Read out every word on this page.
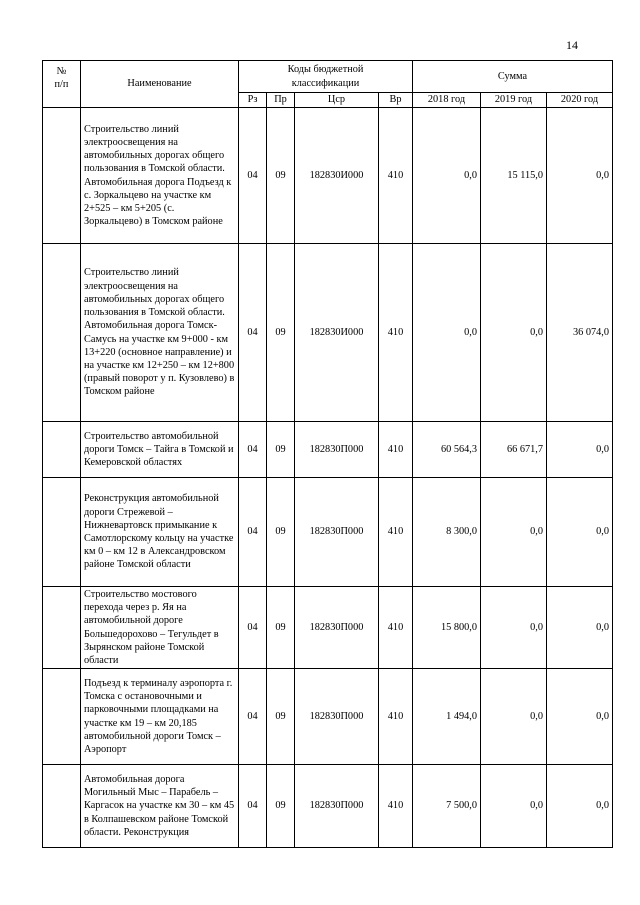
14
№
п/п	Наименование	Коды бюджетной классификации				Сумма		
		Рз	Пр	Цср	Вр	2018 год	2019 год	2020 год
	Строительство линий электроосвещения на автомобильных дорогах общего пользования в Томской области. Автомобильная дорога Подъезд к с. Зоркальцево на участке км 2+525 – км 5+205 (с. Зоркальцево) в Томском районе	04	09	182830И000	410	0,0	15 115,0	0,0
	Строительство линий электроосвещения на автомобильных дорогах общего пользования в Томской области. Автомобильная дорога Томск-Самусь на участке км 9+000 - км 13+220 (основное направление) и на участке км 12+250 – км 12+800 (правый поворот у п. Кузовлево) в Томском районе	04	09	182830И000	410	0,0	0,0	36 074,0
	Строительство автомобильной дороги Томск – Тайга в Томской и Кемеровской областях	04	09	182830П000	410	60 564,3	66 671,7	0,0
	Реконструкция автомобильной дороги Стрежевой – Нижневартовск примыкание к Самотлорскому кольцу на участке км 0 – км 12 в Александровском районе Томской области	04	09	182830П000	410	8 300,0	0,0	0,0
	Строительство мостового перехода через р. Яя на автомобильной дороге Большедорохово – Тегульдет в Зырянском районе Томской области	04	09	182830П000	410	15 800,0	0,0	0,0
	Подъезд к терминалу аэропорта г. Томска с остановочными и парковочными площадками на участке км 19 – км 20,185 автомобильной дороги Томск – Аэропорт	04	09	182830П000	410	1 494,0	0,0	0,0
	Автомобильная дорога Могильный Мыс – Парабель – Каргасок на участке км 30 – км 45 в Колпашевском районе Томской области. Реконструкция	04	09	182830П000	410	7 500,0	0,0	0,0
